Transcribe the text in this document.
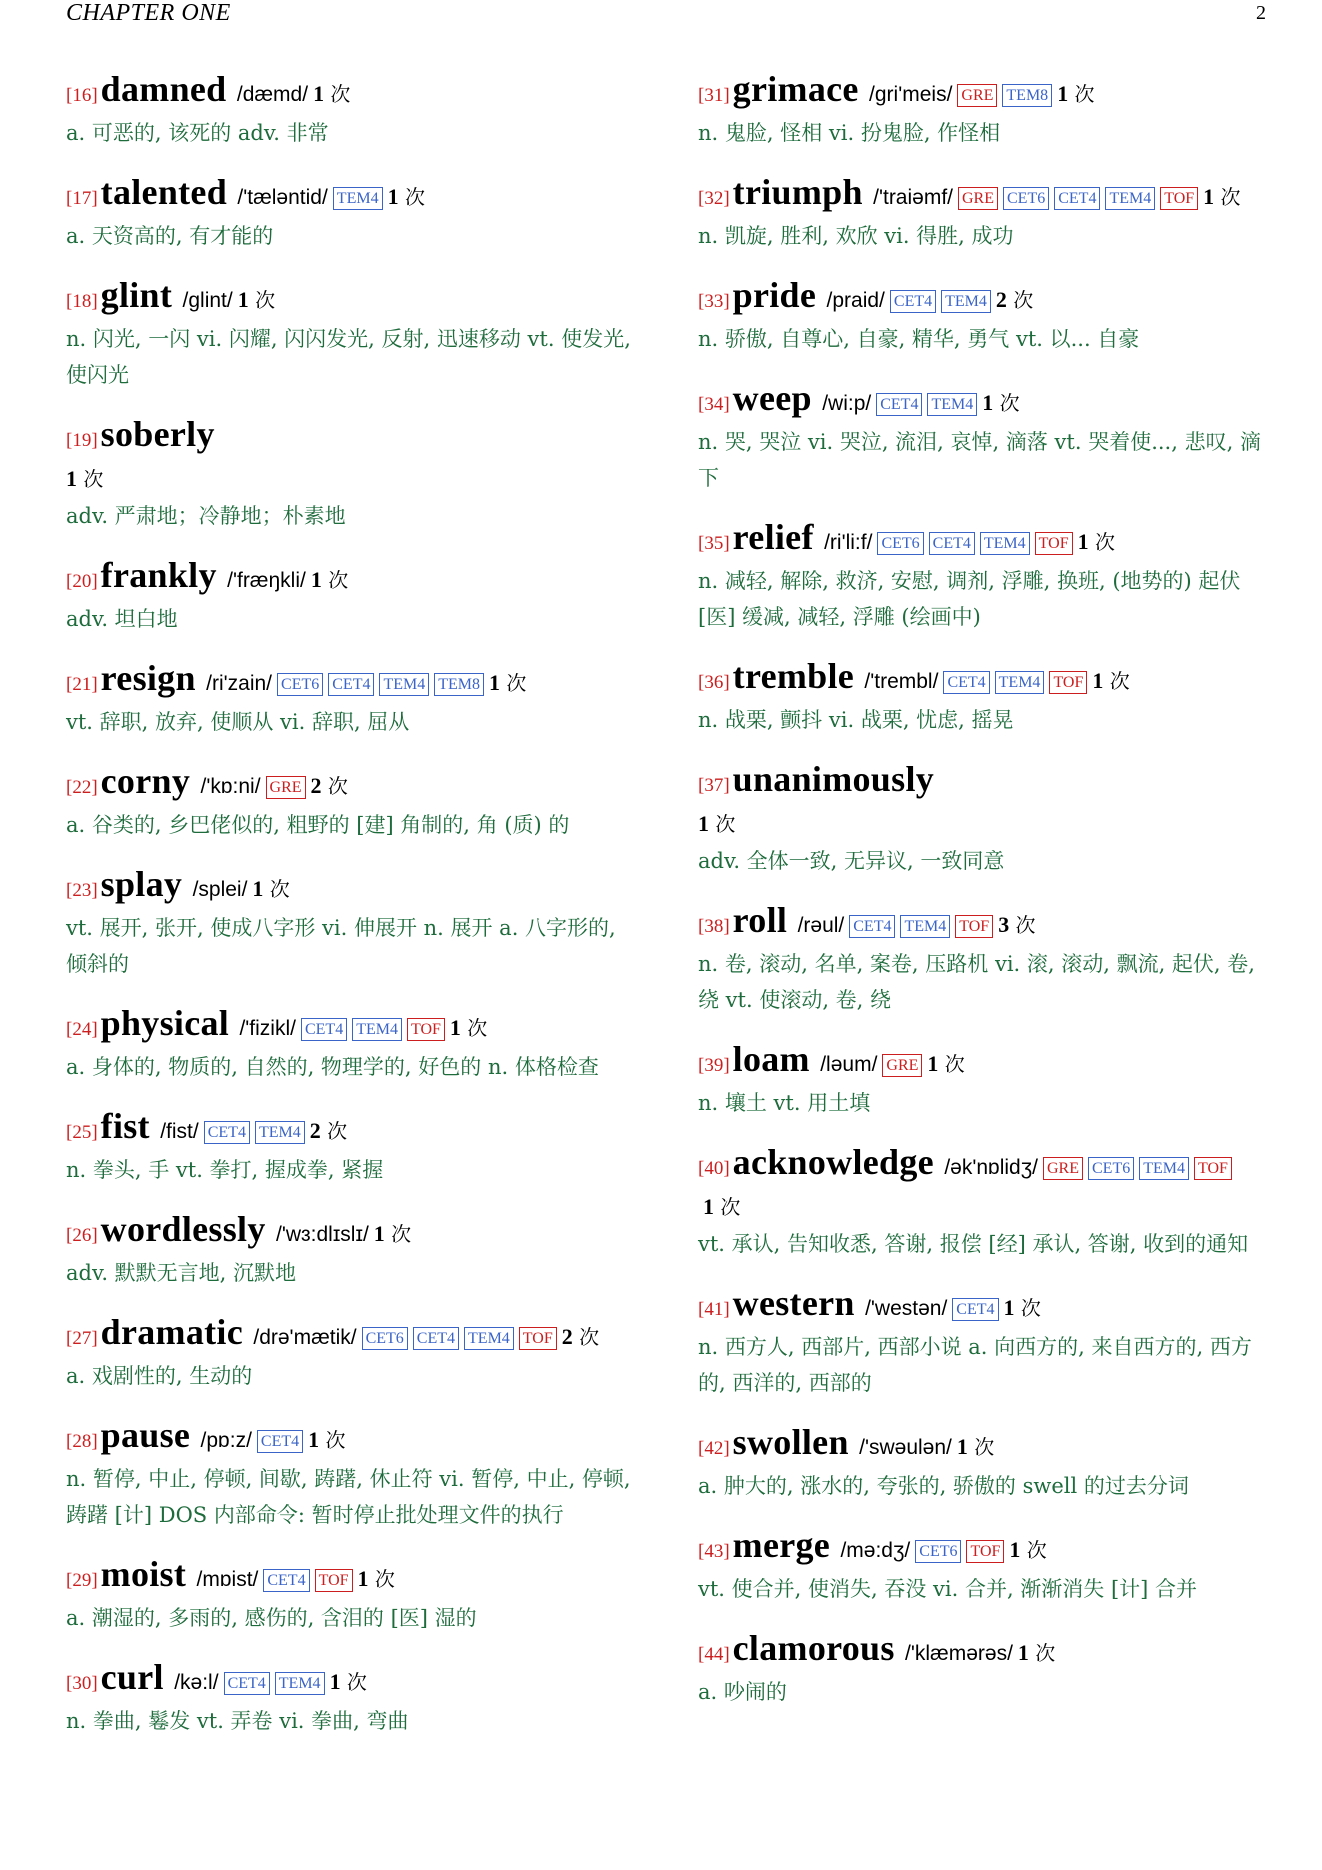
CHAPTER ONE	2
[16]damned /dæmd/ 1 次
a. 可恶的, 该死的 adv. 非常
[17]talented /'tæləntid/ TEM4 1 次
a. 天资高的, 有才能的
[18]glint /glint/ 1 次
n. 闪光, 一闪 vi. 闪耀, 闪闪发光, 反射, 迅速移动 vt. 使发光, 使闪光
[19]soberly
1 次
adv. 严肃地；冷静地；朴素地
[20]frankly /'fræŋkli/ 1 次
adv. 坦白地
[21]resign /ri'zain/ CET6 CET4 TEM4 TEM8 1 次
vt. 辞职, 放弃, 使顺从 vi. 辞职, 屈从
[22]corny /'kɒ:ni/ GRE 2 次
a. 谷类的, 乡巴佬似的, 粗野的 [建] 角制的, 角 (质) 的
[23]splay /splei/ 1 次
vt. 展开, 张开, 使成八字形 vi. 伸展开 n. 展开 a. 八字形的, 倾斜的
[24]physical /'fizikl/ CET4 TEM4 TOF 1 次
a. 身体的, 物质的, 自然的, 物理学的, 好色的 n. 体格检查
[25]fist /fist/ CET4 TEM4 2 次
n. 拳头, 手 vt. 拳打, 握成拳, 紧握
[26]wordlessly /'wɜ:dlɪslɪ/ 1 次
adv. 默默无言地, 沉默地
[27]dramatic /drə'mætik/ CET6 CET4 TEM4 TOF 2 次
a. 戏剧性的, 生动的
[28]pause /pɒ:z/ CET4 1 次
n. 暂停, 中止, 停顿, 间歇, 踌躇, 休止符 vi. 暂停, 中止, 停顿, 踌躇 [计] DOS 内部命令: 暂时停止批处理文件的执行
[29]moist /mɒist/ CET4 TOF 1 次
a. 潮湿的, 多雨的, 感伤的, 含泪的 [医] 湿的
[30]curl /kə:l/ CET4 TEM4 1 次
n. 拳曲, 鬈发 vt. 弄卷 vi. 拳曲, 弯曲
[31]grimace /gri'meis/ GRE TEM8 1 次
n. 鬼脸, 怪相 vi. 扮鬼脸, 作怪相
[32]triumph /'traiəmf/ GRE CET6 CET4 TEM4 TOF 1 次
n. 凯旋, 胜利, 欢欣 vi. 得胜, 成功
[33]pride /praid/ CET4 TEM4 2 次
n. 骄傲, 自尊心, 自豪, 精华, 勇气 vt. 以... 自豪
[34]weep /wi:p/ CET4 TEM4 1 次
n. 哭, 哭泣 vi. 哭泣, 流泪, 哀悼, 滴落 vt. 哭着使..., 悲叹, 滴下
[35]relief /ri'li:f/ CET6 CET4 TEM4 TOF 1 次
n. 减轻, 解除, 救济, 安慰, 调剂, 浮雕, 换班, (地势的) 起伏 [医] 缓减, 减轻, 浮雕 (绘画中)
[36]tremble /'trembl/ CET4 TEM4 TOF 1 次
n. 战栗, 颤抖 vi. 战栗, 忧虑, 摇晃
[37]unanimously
1 次
adv. 全体一致, 无异议, 一致同意
[38]roll /rəul/ CET4 TEM4 TOF 3 次
n. 卷, 滚动, 名单, 案卷, 压路机 vi. 滚, 滚动, 飘流, 起伏, 卷, 绕 vt. 使滚动, 卷, 绕
[39]loam /ləum/ GRE 1 次
n. 壤土 vt. 用土填
[40]acknowledge /ək'nɒlidʒ/ GRE CET6 TEM4 TOF1 次
vt. 承认, 告知收悉, 答谢, 报偿 [经] 承认, 答谢, 收到的通知
[41]western /'westən/ CET4 1 次
n. 西方人, 西部片, 西部小说 a. 向西方的, 来自西方的, 西方的, 西洋的, 西部的
[42]swollen /'swəulən/ 1 次
a. 肿大的, 涨水的, 夸张的, 骄傲的 swell 的过去分词
[43]merge /mə:dʒ/ CET6 TOF 1 次
vt. 使合并, 使消失, 吞没 vi. 合并, 渐渐消失 [计] 合并
[44]clamorous /'klæmərəs/ 1 次
a. 吵闹的
